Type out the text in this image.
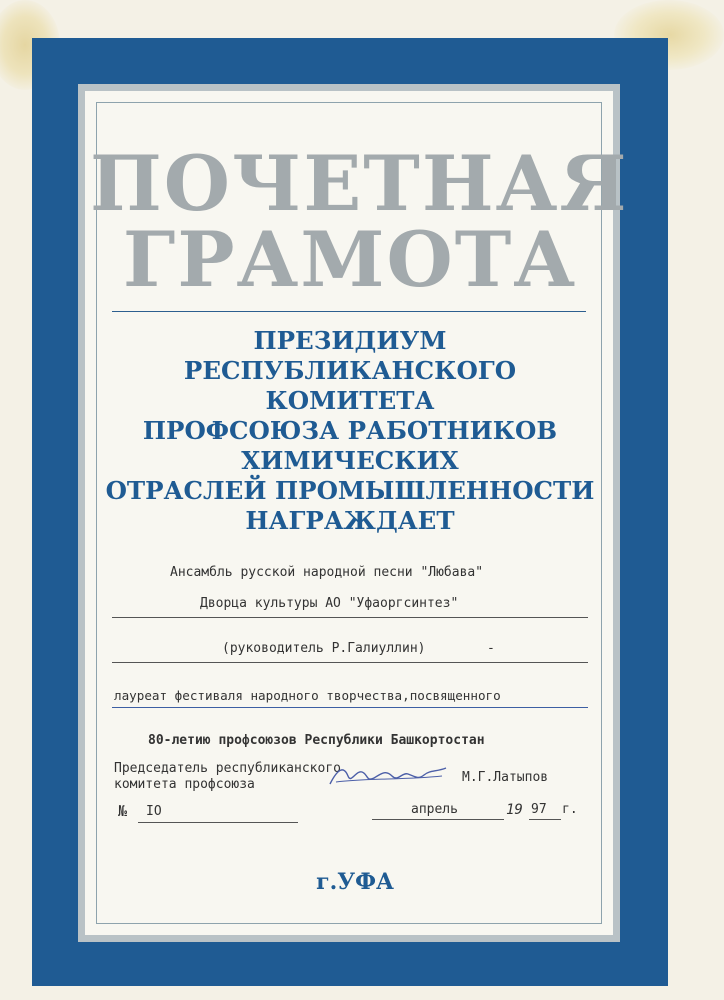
ПОЧЕТНАЯ
ГРАМОТА
ПРЕЗИДИУМ
РЕСПУБЛИКАНСКОГО
КОМИТЕТА
ПРОФСОЮЗА РАБОТНИКОВ
ХИМИЧЕСКИХ
ОТРАСЛЕЙ ПРОМЫШЛЕННОСТИ
НАГРАЖДАЕТ
Ансамбль русской народной песни "Любава"
Дворца культуры АО "Уфаоргсинтез"
(руководитель Р.Галиуллин)	-
лауреат фестиваля народного творчества,посвященного
80-летию профсоюзов Республики Башкортостан
Председатель республиканского
комитета профсоюза	М.Г.Латыпов
№ IO	апрель	19 97 г.
г.УФА
